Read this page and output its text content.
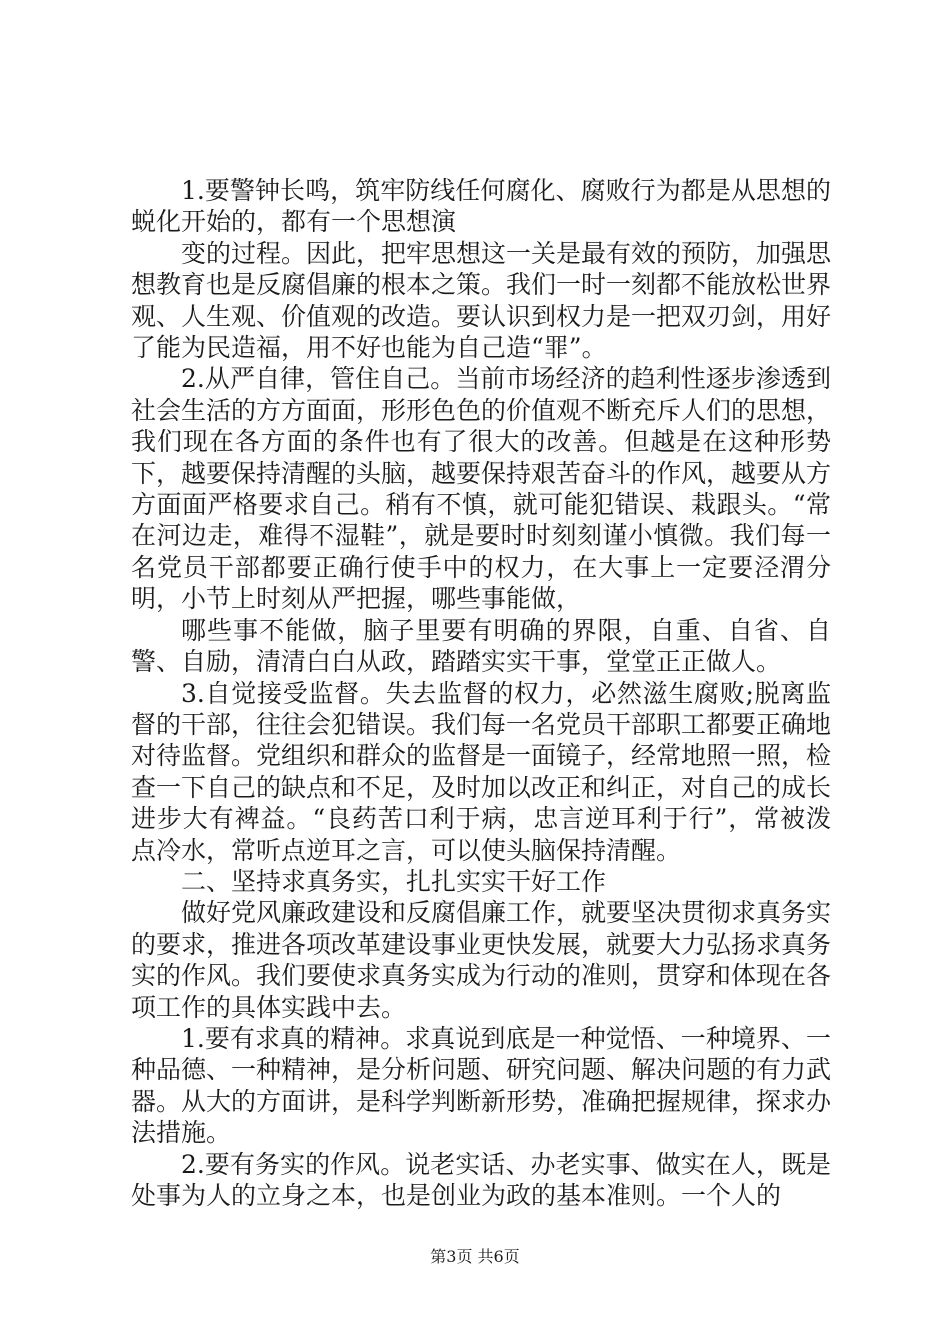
1.要警钟长鸣，筑牢防线任何腐化、腐败行为都是从思想的蜕化开始的，都有一个思想演

变的过程。因此，把牢思想这一关是最有效的预防，加强思想教育也是反腐倡廉的根本之策。我们一时一刻都不能放松世界观、人生观、价值观的改造。要认识到权力是一把双刃剑，用好了能为民造福，用不好也能为自己造“罪”。

2.从严自律，管住自己。当前市场经济的趋利性逐步渗透到社会生活的方方面面，形形色色的价值观不断充斥人们的思想，我们现在各方面的条件也有了很大的改善。但越是在这种形势下，越要保持清醒的头脑，越要保持艰苦奋斗的作风，越要从方方面面严格要求自己。稍有不慎，就可能犯错误、栽跟头。“常在河边走，难得不湿鞋”，就是要时时刻刻谨小慎微。我们每一名党员干部都要正确行使手中的权力，在大事上一定要泾渭分明，小节上时刻从严把握，哪些事能做，

哪些事不能做，脑子里要有明确的界限，自重、自省、自警、自励，清清白白从政，踏踏实实干事，堂堂正正做人。

3.自觉接受监督。失去监督的权力，必然滋生腐败;脱离监督的干部，往往会犯错误。我们每一名党员干部职工都要正确地对待监督。党组织和群众的监督是一面镜子，经常地照一照，检查一下自己的缺点和不足，及时加以改正和纠正，对自己的成长进步大有裨益。“良药苦口利于病，忠言逆耳利于行”，常被泼点冷水，常听点逆耳之言，可以使头脑保持清醒。

二、坚持求真务实，扎扎实实干好工作

做好党风廉政建设和反腐倡廉工作，就要坚决贯彻求真务实的要求，推进各项改革建设事业更快发展，就要大力弘扬求真务实的作风。我们要使求真务实成为行动的准则，贯穿和体现在各项工作的具体实践中去。

1.要有求真的精神。求真说到底是一种觉悟、一种境界、一种品德、一种精神，是分析问题、研究问题、解决问题的有力武器。从大的方面讲，是科学判断新形势，准确把握规律，探求办法措施。

2.要有务实的作风。说老实话、办老实事、做实在人，既是处事为人的立身之本，也是创业为政的基本准则。一个人的

第3页 共6页
